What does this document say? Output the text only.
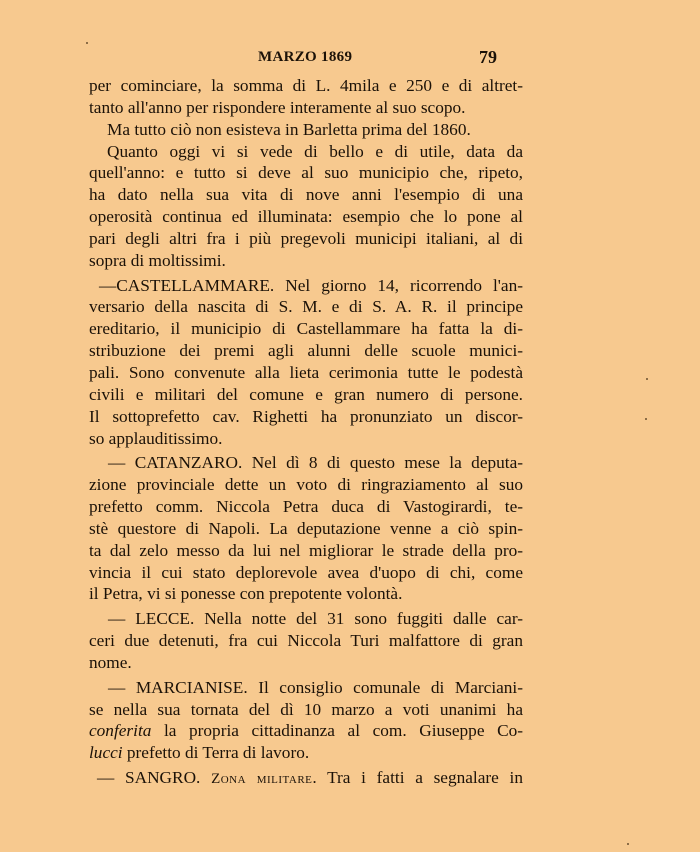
MARZO 1869	79
per cominciare, la somma di L. 4mila e 250 e di altret-
tanto all'anno per rispondere interamente al suo scopo.
Ma tutto ciò non esisteva in Barletta prima del 1860.
Quanto oggi vi si vede di bello e di utile, data da
quell'anno: e tutto si deve al suo municipio che, ripeto,
ha dato nella sua vita di nove anni l'esempio di una
operosità continua ed illuminata: esempio che lo pone al
pari degli altri fra i più pregevoli municipi italiani, al di
sopra di moltissimi.
—CASTELLAMMARE. Nel giorno 14, ricorrendo l'an-
versario della nascita di S. M. e di S. A. R. il principe
ereditario, il municipio di Castellammare ha fatta la di-
stribuzione dei premi agli alunni delle scuole munici-
pali. Sono convenute alla lieta cerimonia tutte le podestà
civili e militari del comune e gran numero di persone.
Il sottoprefetto cav. Righetti ha pronunziato un discor-
so applauditissimo.
— CATANZARO. Nel dì 8 di questo mese la deputa-
zione provinciale dette un voto di ringraziamento al suo
prefetto comm. Niccola Petra duca di Vastogirardi, te-
stè questore di Napoli. La deputazione venne a ciò spin-
ta dal zelo messo da lui nel migliorar le strade della pro-
vincia il cui stato deplorevole avea d'uopo di chi, come
il Petra, vi si ponesse con prepotente volontà.
— LECCE. Nella notte del 31 sono fuggiti dalle car-
ceri due detenuti, fra cui Niccola Turi malfattore di gran
nome.
— MARCIANISE. Il consiglio comunale di Marciani-
se nella sua tornata del dì 10 marzo a voti unanimi ha
conferita la propria cittadinanza al com. Giuseppe Co-
lucci prefetto di Terra di lavoro.
— SANGRO. Zona militare. Tra i fatti a segnalare in
